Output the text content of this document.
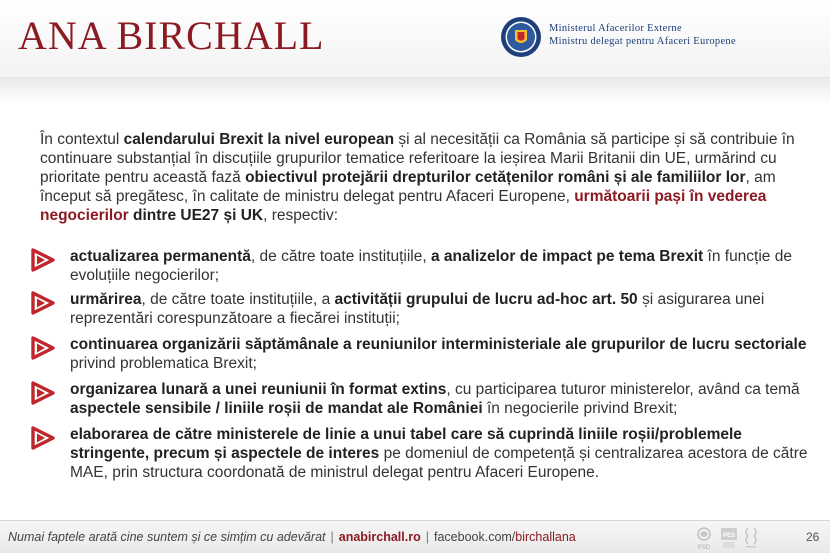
ANA BIRCHALL	Ministerul Afacerilor Externe
Ministru delegat pentru Afaceri Europene
În contextul calendarului Brexit la nivel european și al necesității ca România să participe și să contribuie în continuare substanțial în discuțiile grupurilor tematice referitoare la ieșirea Marii Britanii din UE, urmărind cu prioritate pentru această fază obiectivul protejării drepturilor cetățenilor români și ale familiilor lor, am început să pregătesc, în calitate de ministru delegat pentru Afaceri Europene, următoarii pași în vederea negocierilor dintre UE27 și UK, respectiv:
actualizarea permanentă, de către toate instituțiile, a analizelor de impact pe tema Brexit în funcție de evoluțiile negocierilor;
urmărirea, de către toate instituțiile, a activității grupului de lucru ad-hoc art. 50 și asigurarea unei reprezentări corespunzătoare a fiecărei instituții;
continuarea organizării săptămânale a reuniunilor interministeriale ale grupurilor de lucru sectoriale privind problematica Brexit;
organizarea lunară a unei reuniunii în format extins, cu participarea tuturor ministerelor, având ca temă aspectele sensibile / liniile roșii de mandat ale României în negocierile privind Brexit;
elaborarea de către ministerele de linie a unui tabel care să cuprindă liniile roșii/problemele stringente, precum și aspectele de interes pe domeniul de competență și centralizarea acestora de către MAE, prin structura coordonată de ministrul delegat pentru Afaceri Europene.
Numai faptele arată cine suntem și ce simțim cu adevărat | anabirchall.ro | facebook.com/birchallana
PSD
PES	26
